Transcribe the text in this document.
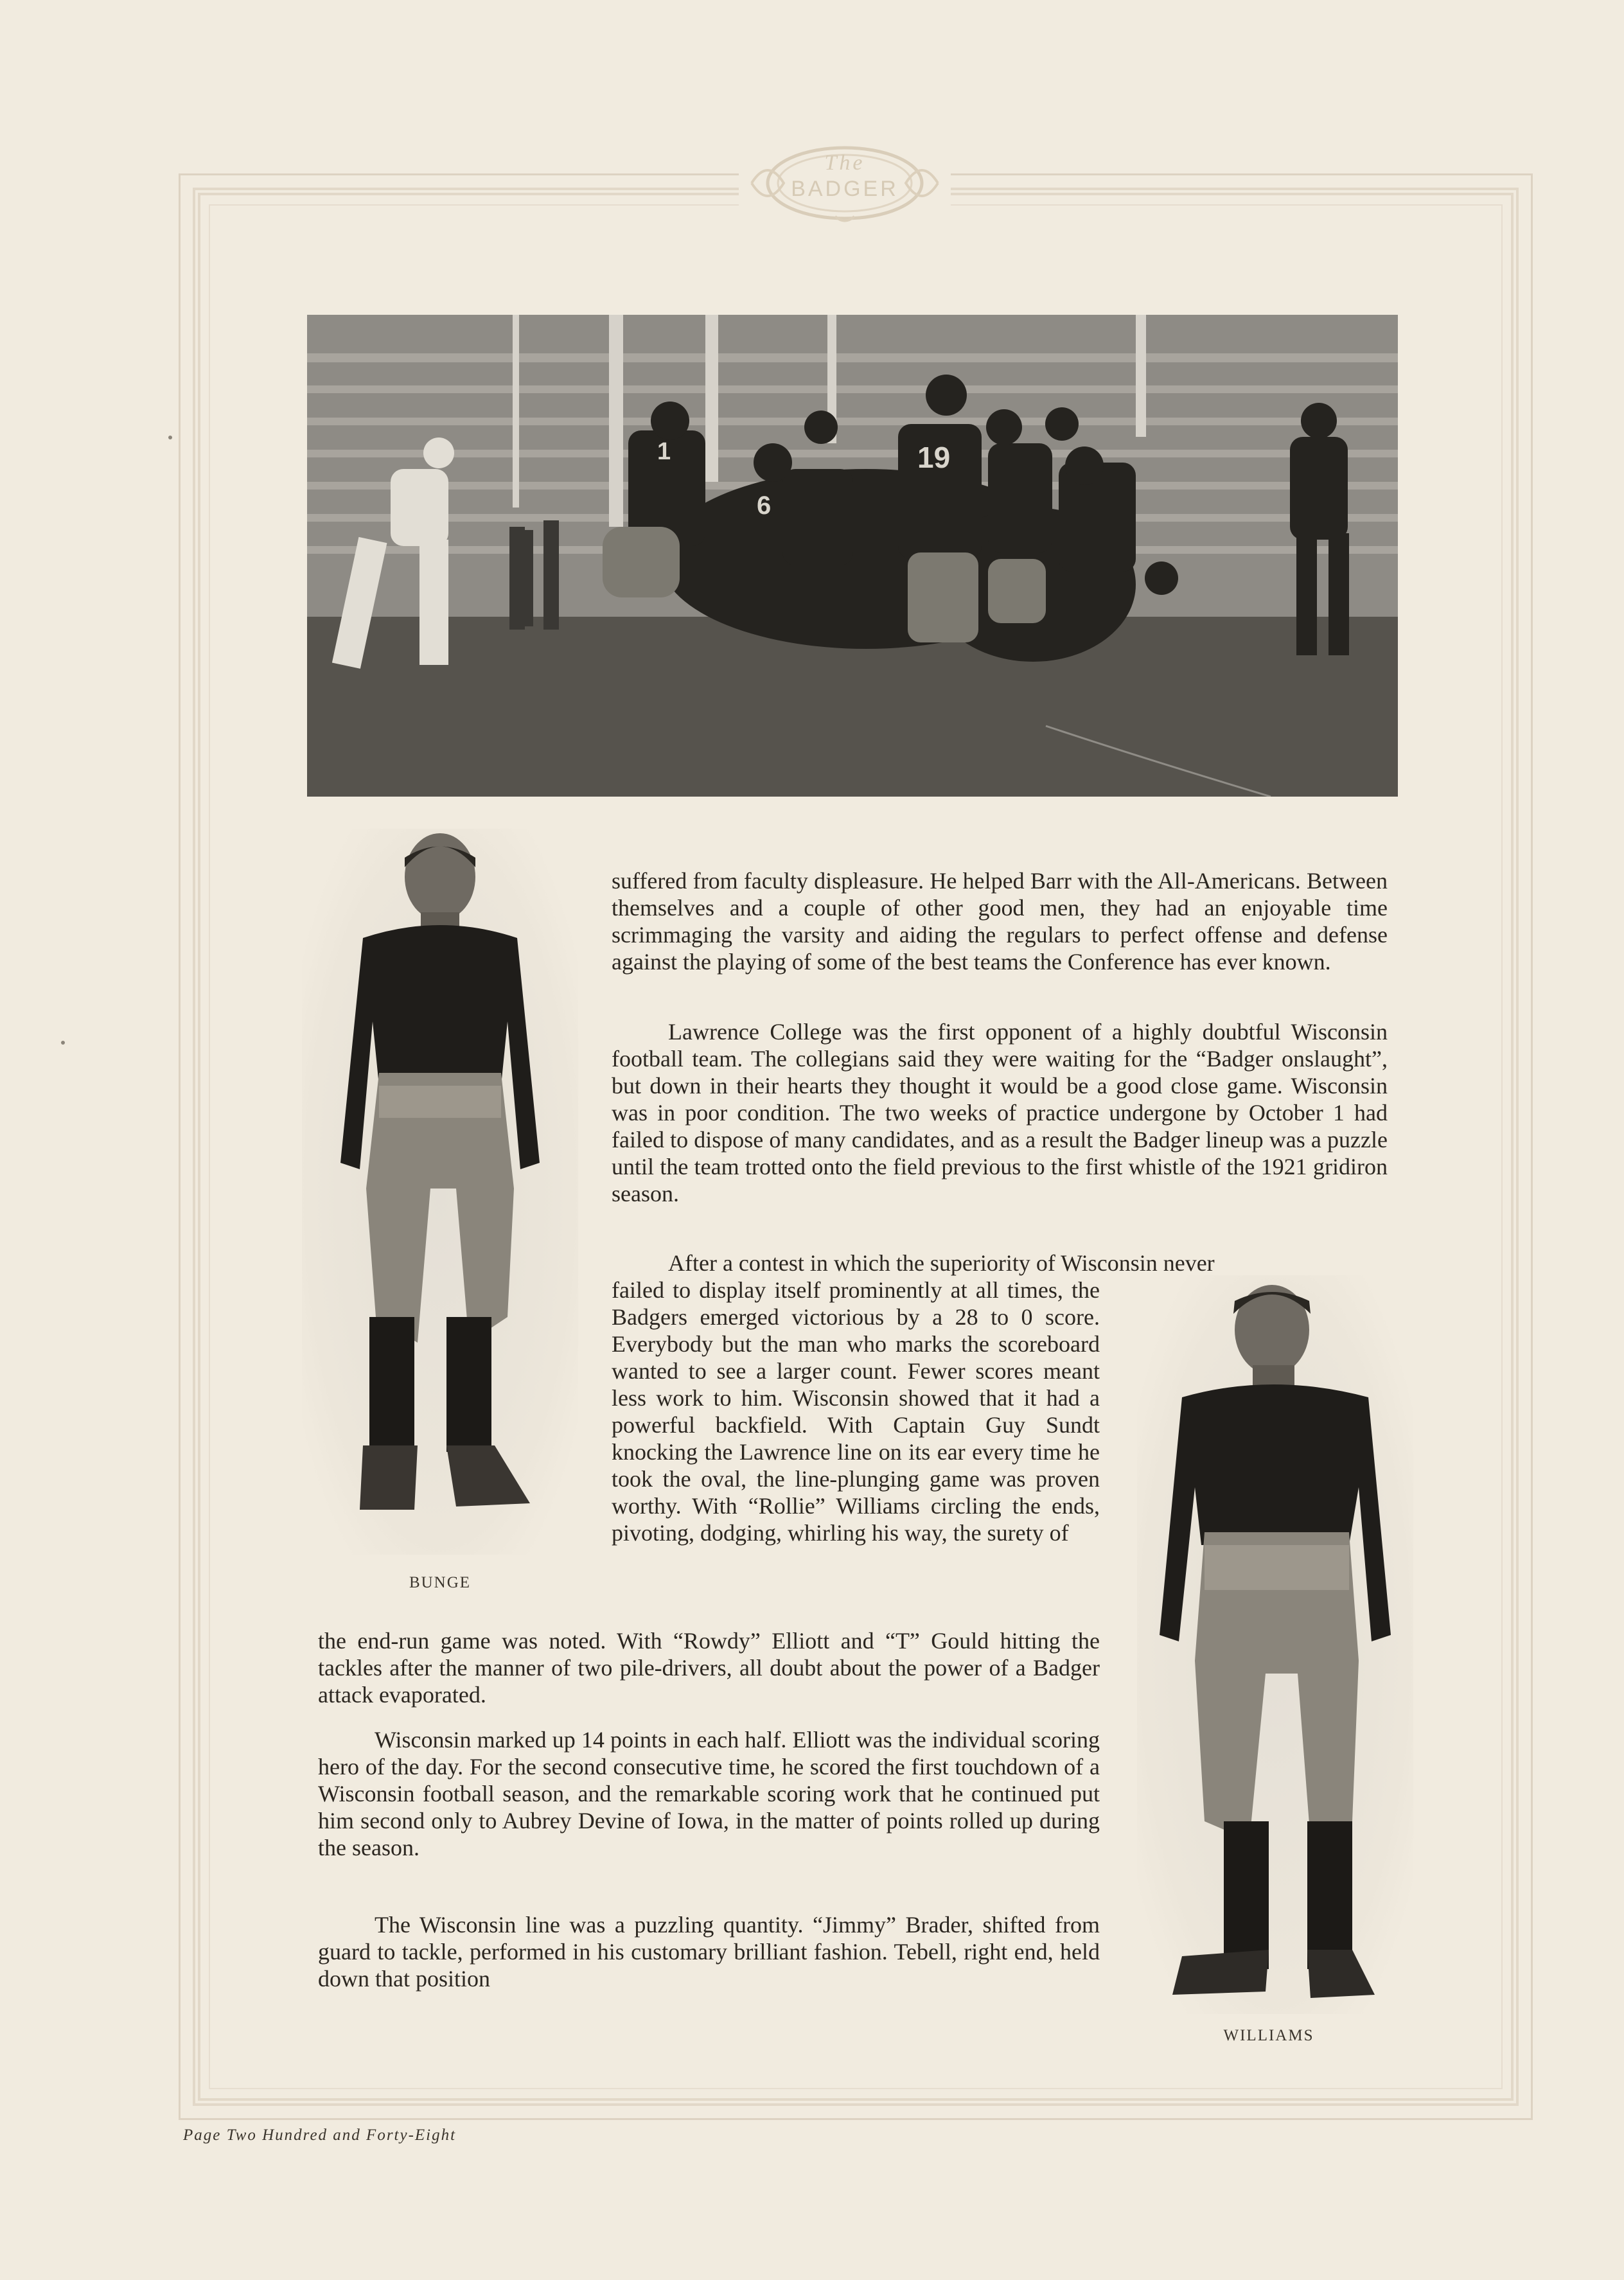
The
BADGER
1	19
6
BUNGE
WILLIAMS

suffered from faculty displeasure. He helped Barr with the All-Americans. Between themselves and a couple of other good men, they had an enjoyable time scrimmaging the varsity and aiding the regulars to perfect offense and defense against the playing of some of the best teams the Conference has ever known.

Lawrence College was the first opponent of a highly doubtful Wisconsin football team. The collegians said they were waiting for the “Badger onslaught”, but down in their hearts they thought it would be a good close game. Wisconsin was in poor condition. The two weeks of practice undergone by October 1 had failed to dispose of many candidates, and as a result the Badger lineup was a puzzle until the team trotted onto the field previous to the first whistle of the 1921 gridiron season.

After a contest in which the superiority of Wisconsin never

failed to display itself prominently at all times, the Badgers emerged victorious by a 28 to 0 score. Everybody but the man who marks the scoreboard wanted to see a larger count. Fewer scores meant less work to him. Wisconsin showed that it had a powerful backfield. With Captain Guy Sundt knocking the Lawrence line on its ear every time he took the oval, the line-plunging game was proven worthy. With “Rollie” Williams circling the ends, pivoting, dodging, whirling his way, the surety of

the end-run game was noted. With “Rowdy” Elliott and “T” Gould hitting the tackles after the manner of two pile-drivers, all doubt about the power of a Badger attack evaporated.

Wisconsin marked up 14 points in each half. Elliott was the individual scoring hero of the day. For the second consecutive time, he scored the first touchdown of a Wisconsin football season, and the remarkable scoring work that he continued put him second only to Aubrey Devine of Iowa, in the matter of points rolled up during the season.

The Wisconsin line was a puzzling quantity. “Jimmy” Brader, shifted from guard to tackle, performed in his customary brilliant fashion. Tebell, right end, held down that position

Page Two Hundred and Forty-Eight
